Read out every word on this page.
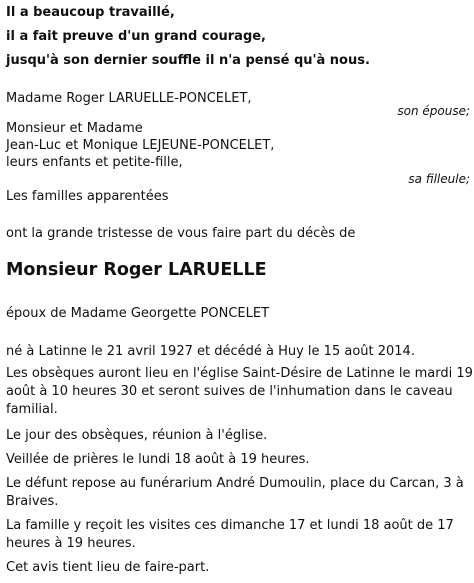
Il a beaucoup travaillé,
il a fait preuve d'un grand courage,
jusqu'à son dernier souffle il n'a pensé qu'à nous.
Madame Roger LARUELLE-PONCELET,
son épouse;
Monsieur et Madame
Jean-Luc et Monique LEJEUNE-PONCELET,
leurs enfants et petite-fille,
sa filleule;
Les familles apparentées
ont la grande tristesse de vous faire part du décès de
Monsieur Roger LARUELLE
époux de Madame Georgette PONCELET
né à Latinne le 21 avril 1927 et décédé à Huy le 15 août 2014.
Les obsèques auront lieu en l'église Saint-Désire de Latinne le mardi 19
août à 10 heures 30 et seront suives de l'inhumation dans le caveau
familial.
Le jour des obsèques, réunion à l'église.
Veillée de prières le lundi 18 août à 19 heures.
Le défunt repose au funérarium André Dumoulin, place du Carcan, 3 à
Braives.
La famille y reçoit les visites ces dimanche 17 et lundi 18 août de 17
heures à 19 heures.
Cet avis tient lieu de faire-part.
